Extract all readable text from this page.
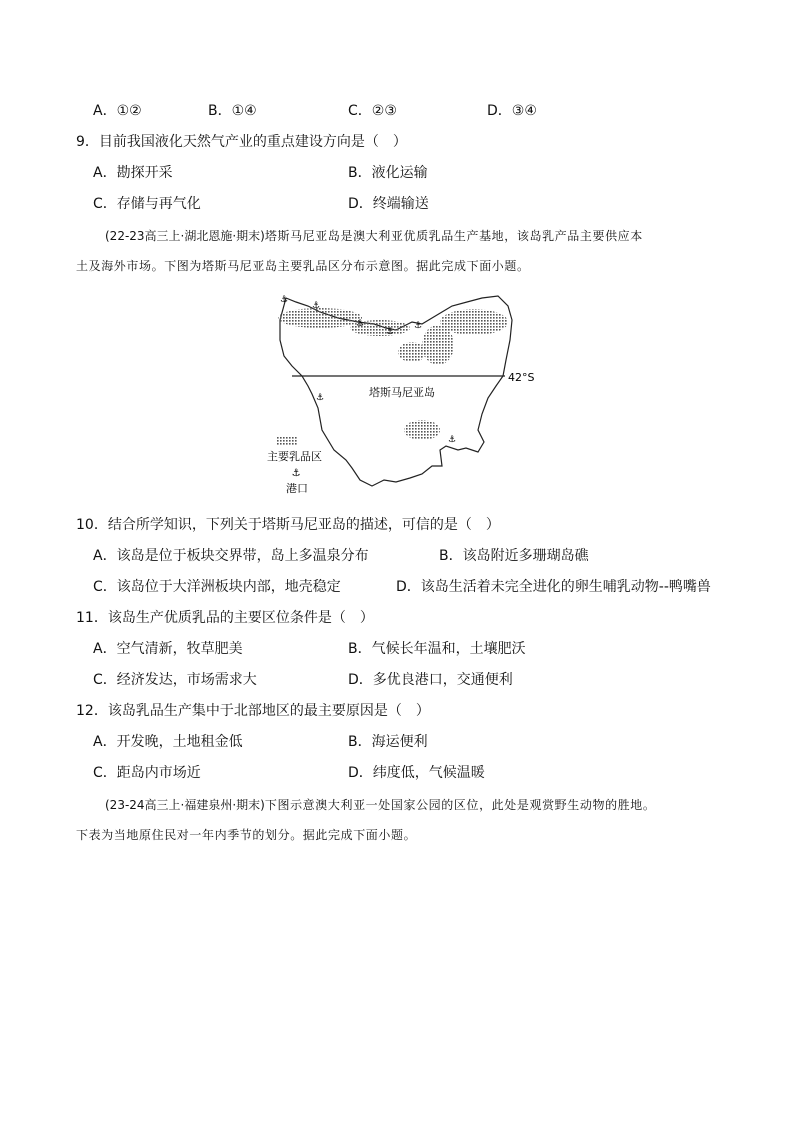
A．①②	B．①④	C．②③	D．③④
9．目前我国液化天然气产业的重点建设方向是（　）
A．勘探开采	B．液化运输
C．存储与再气化	D．终端输送
(22-23高三上·湖北恩施·期末)塔斯马尼亚岛是澳大利亚优质乳品生产基地，该岛乳产品主要供应本
土及海外市场。下图为塔斯马尼亚岛主要乳品区分布示意图。据此完成下面小题。
⚓
⚓
⚓
⚓
⚓
⚓
⚓
42°S
塔斯马尼亚岛
主要乳品区
⚓
港口
10．结合所学知识，下列关于塔斯马尼亚岛的描述，可信的是（　）
A．该岛是位于板块交界带，岛上多温泉分布	B．该岛附近多珊瑚岛礁
C．该岛位于大洋洲板块内部，地壳稳定	D．该岛生活着未完全进化的卵生哺乳动物--鸭嘴兽
11．该岛生产优质乳品的主要区位条件是（　）
A．空气清新，牧草肥美	B．气候长年温和，土壤肥沃
C．经济发达，市场需求大	D．多优良港口，交通便利
12．该岛乳品生产集中于北部地区的最主要原因是（　）
A．开发晚，土地租金低	B．海运便利
C．距岛内市场近	D．纬度低，气候温暖
(23-24高三上·福建泉州·期末)下图示意澳大利亚一处国家公园的区位，此处是观赏野生动物的胜地。
下表为当地原住民对一年内季节的划分。据此完成下面小题。
